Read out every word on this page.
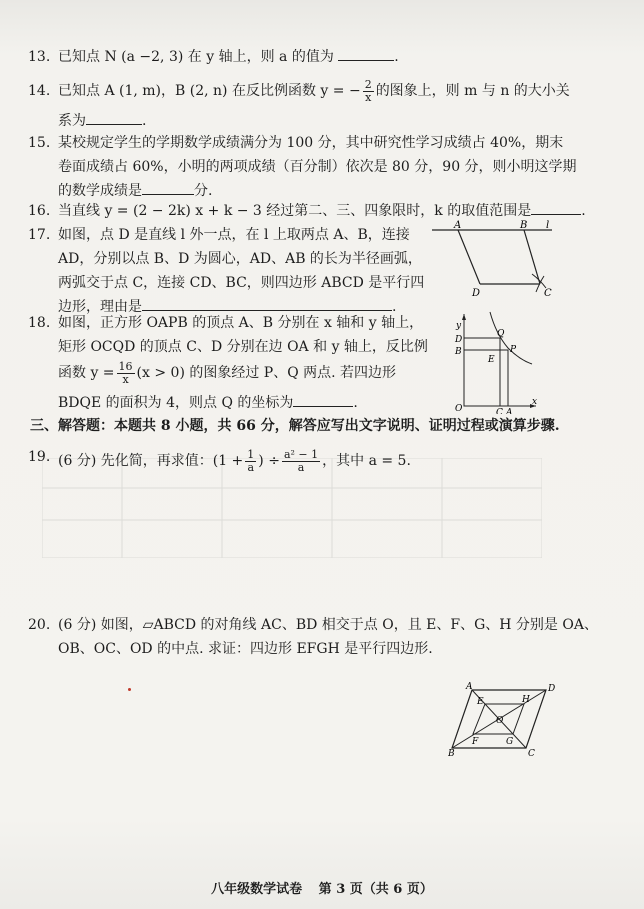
13. 已知点 N (a −2, 3) 在 y 轴上，则 a 的值为	.
14. 已知点 A (1, m)，B (2, n) 在反比例函数 y = − $\frac{2}{x}$ 的图象上，则 m 与 n 的大小关
系为	.
15. 某校规定学生的学期数学成绩满分为 100 分，其中研究性学习成绩占 40%，期末
卷面成绩占 60%，小明的两项成绩（百分制）依次是 80 分，90 分，则小明这学期
的数学成绩是	分.
16. 当直线 y = (2 − 2k) x + k − 3 经过第二、三、四象限时，k 的取值范围是	.
17. 如图，点 D 是直线 l 外一点，在 l 上取两点 A、B，连接
AD，分别以点 B、D 为圆心，AD、AB 的长为半径画弧，
两弧交于点 C，连接 CD、BC，则四边形 ABCD 是平行四
边形，理由是	.
A	B l
D	C
18. 如图，正方形 OAPB 的顶点 A、B 分别在 x 轴和 y 轴上，
矩形 OCQD 的顶点 C、D 分别在边 OA 和 y 轴上，反比例
函数 $y = \frac{16}{x} (x > 0)$ 的图象经过 P、Q 两点. 若四边形
BDQE 的面积为 4，则点 Q 的坐标为	.
y
x
O	C A
D
B
Q
P
E
三、解答题：本题共 8 小题，共 66 分，解答应写出文字说明、证明过程或演算步骤.
19. (6 分) 先化简，再求值：($1 + \frac{1}{a}$ ) ÷ $\frac{\text{a² − 1}}{a}$ ，其中 a = 5.
20. (6 分) 如图，▱ABCD 的对角线 AC、BD 相交于点 O，且 E、F、G、H 分别是 OA、
OB、OC、OD 的中点. 求证：四边形 EFGH 是平行四边形.
A	D
E	H
O
F	G
B	C
八年级数学试卷 第 3 页（共 6 页）
